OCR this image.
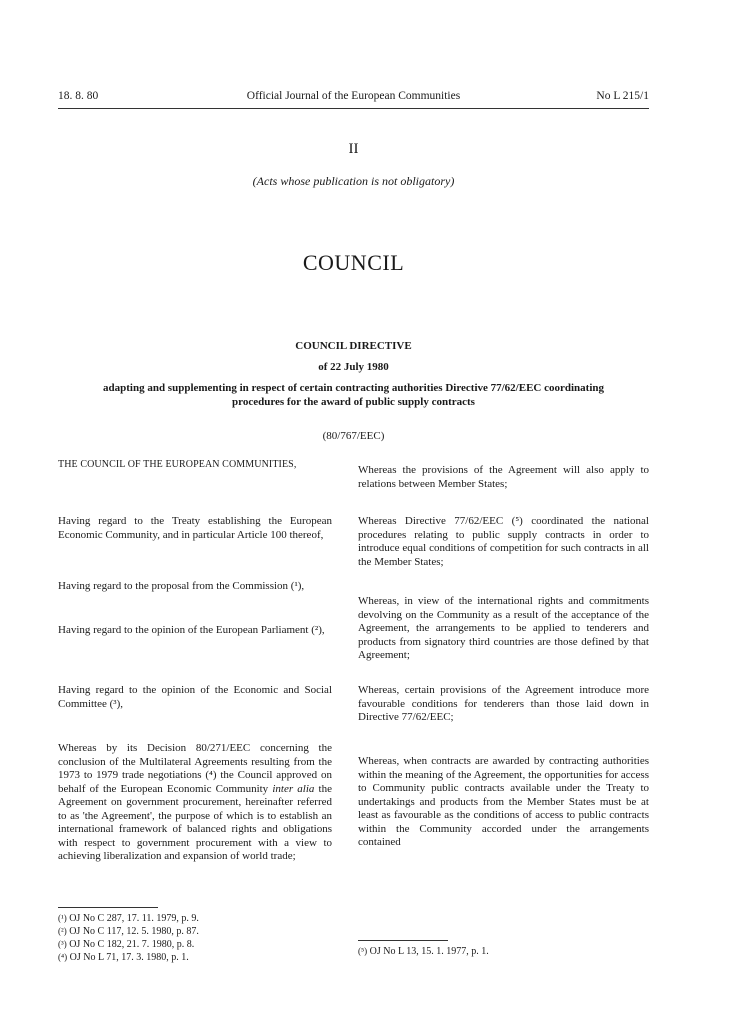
18. 8. 80	Official Journal of the European Communities	No L 215/1
II
(Acts whose publication is not obligatory)
COUNCIL
COUNCIL DIRECTIVE
of 22 July 1980
adapting and supplementing in respect of certain contracting authorities Directive 77/62/EEC coordinating procedures for the award of public supply contracts
(80/767/EEC)

THE COUNCIL OF THE EUROPEAN COMMUNITIES,

Having regard to the Treaty establishing the European Economic Community, and in particular Article 100 thereof,

Having regard to the proposal from the Commission (¹),

Having regard to the opinion of the European Parliament (²),

Having regard to the opinion of the Economic and Social Committee (³),

Whereas by its Decision 80/271/EEC concerning the conclusion of the Multilateral Agreements resulting from the 1973 to 1979 trade negotiations (⁴) the Council approved on behalf of the European Economic Community inter alia the Agreement on government procurement, hereinafter referred to as 'the Agreement', the purpose of which is to establish an international framework of balanced rights and obligations with respect to government procurement with a view to achieving liberalization and expansion of world trade;

Whereas the provisions of the Agreement will also apply to relations between Member States;

Whereas Directive 77/62/EEC (⁵) coordinated the national procedures relating to public supply contracts in order to introduce equal conditions of competition for such contracts in all the Member States;

Whereas, in view of the international rights and commitments devolving on the Community as a result of the acceptance of the Agreement, the arrangements to be applied to tenderers and products from signatory third countries are those defined by that Agreement;

Whereas, certain provisions of the Agreement introduce more favourable conditions for tenderers than those laid down in Directive 77/62/EEC;

Whereas, when contracts are awarded by contracting authorities within the meaning of the Agreement, the opportunities for access to Community public contracts available under the Treaty to undertakings and products from the Member States must be at least as favourable as the conditions of access to public contracts within the Community accorded under the arrangements contained

(¹) OJ No C 287, 17. 11. 1979, p. 9.
(²) OJ No C 117, 12. 5. 1980, p. 87.
(³) OJ No C 182, 21. 7. 1980, p. 8.
(⁴) OJ No L 71, 17. 3. 1980, p. 1.
(⁵) OJ No L 13, 15. 1. 1977, p. 1.
